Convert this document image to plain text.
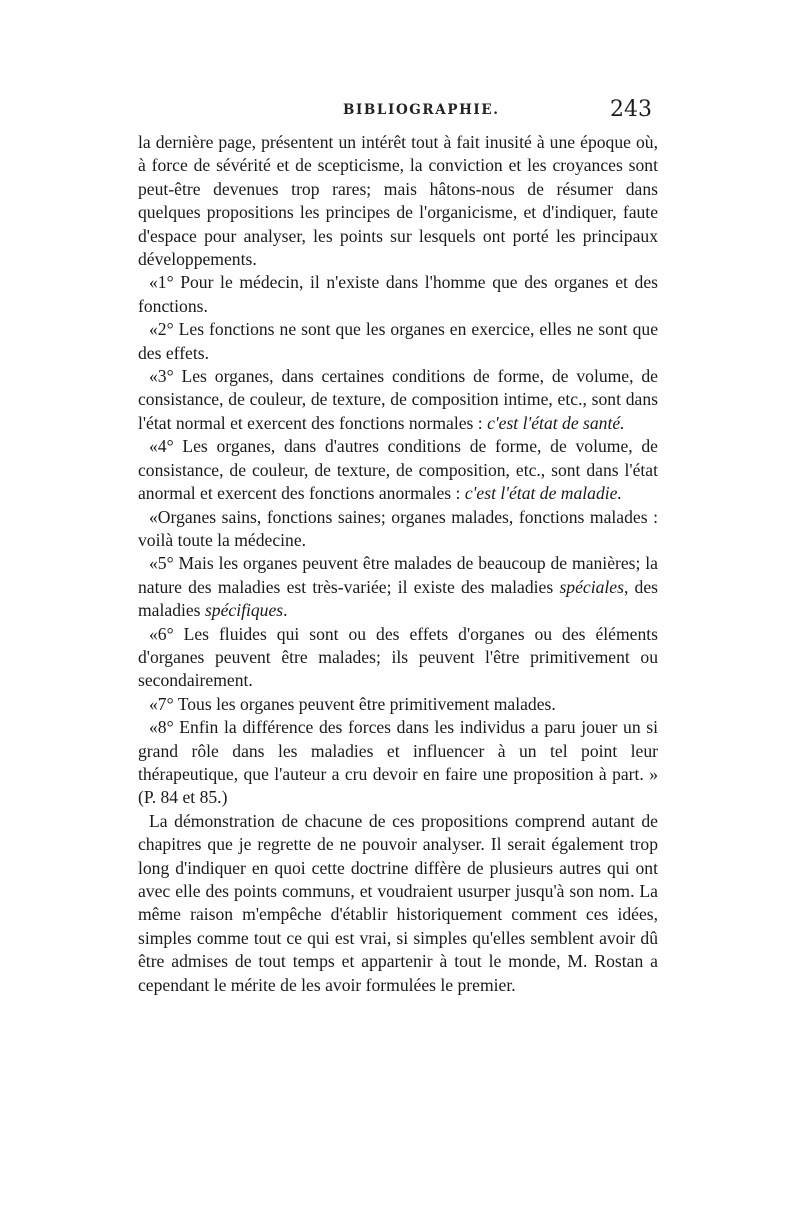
BIBLIOGRAPHIE.	243

la dernière page, présentent un intérêt tout à fait inusité à une époque où, à force de sévérité et de scepticisme, la conviction et les croyances sont peut-être devenues trop rares; mais hâtons-nous de résumer dans quelques propositions les principes de l'organicisme, et d'indiquer, faute d'espace pour analyser, les points sur lesquels ont porté les principaux développements.

«1° Pour le médecin, il n'existe dans l'homme que des organes et des fonctions.

«2° Les fonctions ne sont que les organes en exercice, elles ne sont que des effets.

«3° Les organes, dans certaines conditions de forme, de volume, de consistance, de couleur, de texture, de composition intime, etc., sont dans l'état normal et exercent des fonctions normales : c'est l'état de santé.

«4° Les organes, dans d'autres conditions de forme, de volume, de consistance, de couleur, de texture, de composition, etc., sont dans l'état anormal et exercent des fonctions anormales : c'est l'état de maladie.

«Organes sains, fonctions saines; organes malades, fonctions malades : voilà toute la médecine.

«5° Mais les organes peuvent être malades de beaucoup de manières; la nature des maladies est très-variée; il existe des maladies spéciales, des maladies spécifiques.

«6° Les fluides qui sont ou des effets d'organes ou des éléments d'organes peuvent être malades; ils peuvent l'être primitivement ou secondairement.

«7° Tous les organes peuvent être primitivement malades.

«8° Enfin la différence des forces dans les individus a paru jouer un si grand rôle dans les maladies et influencer à un tel point leur thérapeutique, que l'auteur a cru devoir en faire une proposition à part. » (P. 84 et 85.)

La démonstration de chacune de ces propositions comprend autant de chapitres que je regrette de ne pouvoir analyser. Il serait également trop long d'indiquer en quoi cette doctrine diffère de plusieurs autres qui ont avec elle des points communs, et voudraient usurper jusqu'à son nom. La même raison m'empêche d'établir historiquement comment ces idées, simples comme tout ce qui est vrai, si simples qu'elles semblent avoir dû être admises de tout temps et appartenir à tout le monde, M. Rostan a cependant le mérite de les avoir formulées le premier.
